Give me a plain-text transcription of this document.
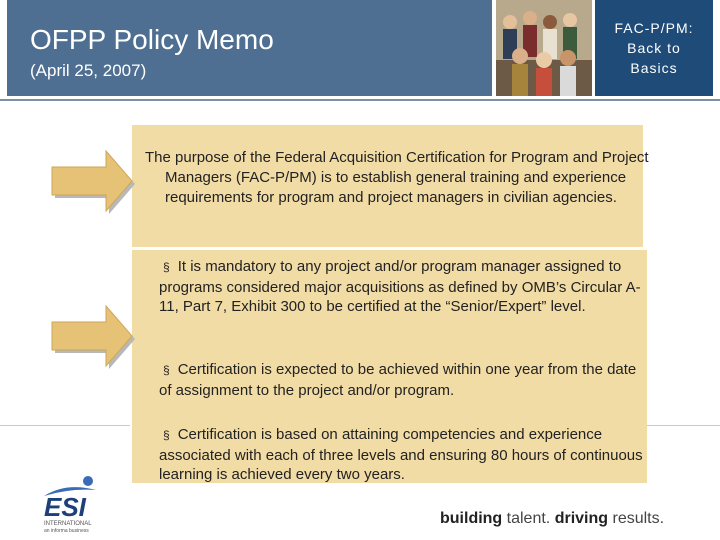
OFPP Policy Memo
(April 25, 2007)
FAC-P/PM:
Back to
Basics
The purpose of the Federal Acquisition Certification for Program and Project Managers (FAC-P/PM) is to establish general training and experience requirements for program and project managers in civilian agencies.
§ It is mandatory to any project and/or program manager assigned to programs considered major acquisitions as defined by OMB’s Circular A-11, Part 7, Exhibit 300 to be certified at the “Senior/Expert” level.
§ Certification is expected to be achieved within one year from the date of assignment to the project and/or program.
§ Certification is based on attaining competencies and experience associated with each of three levels and ensuring 80 hours of continuous learning is achieved every two years.
ESI
INTERNATIONAL
an informa business
building talent. driving results.
